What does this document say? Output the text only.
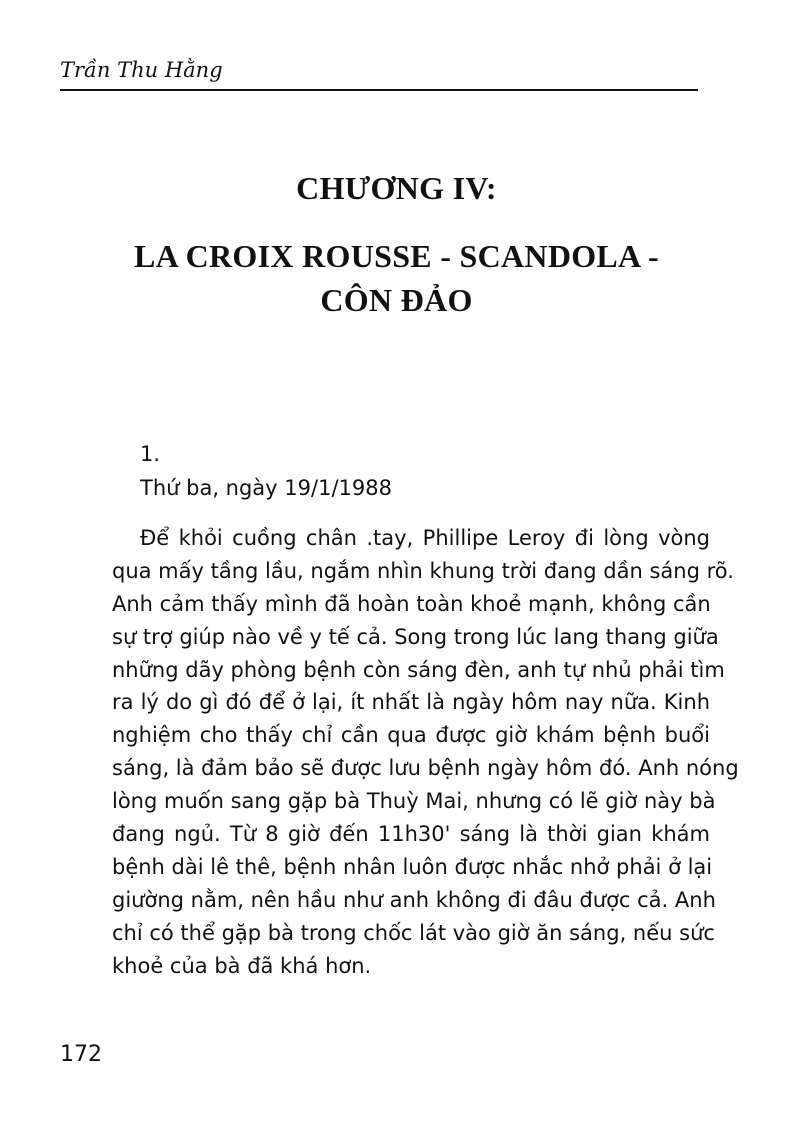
Trần Thu Hằng
CHƯƠNG IV:
LA CROIX ROUSSE - SCANDOLA -
CÔN ĐẢO
1.
Thứ ba, ngày 19/1/1988
Để khỏi cuồng chân .tay, Phillipe Leroy đi lòng vòng
qua mấy tầng lầu, ngắm nhìn khung trời đang dần sáng rõ.
Anh cảm thấy mình đã hoàn toàn khoẻ mạnh, không cần
sự trợ giúp nào về y tế cả. Song trong lúc lang thang giữa
những dãy phòng bệnh còn sáng đèn, anh tự nhủ phải tìm
ra lý do gì đó để ở lại, ít nhất là ngày hôm nay nữa. Kinh
nghiệm cho thấy chỉ cần qua được giờ khám bệnh buổi
sáng, là đảm bảo sẽ được lưu bệnh ngày hôm đó. Anh nóng
lòng muốn sang gặp bà Thuỳ Mai, nhưng có lẽ giờ này bà
đang ngủ. Từ 8 giờ đến 11h30' sáng là thời gian khám
bệnh dài lê thê, bệnh nhân luôn được nhắc nhở phải ở lại
giường nằm, nên hầu như anh không đi đâu được cả. Anh
chỉ có thể gặp bà trong chốc lát vào giờ ăn sáng, nếu sức
khoẻ của bà đã khá hơn.
172
